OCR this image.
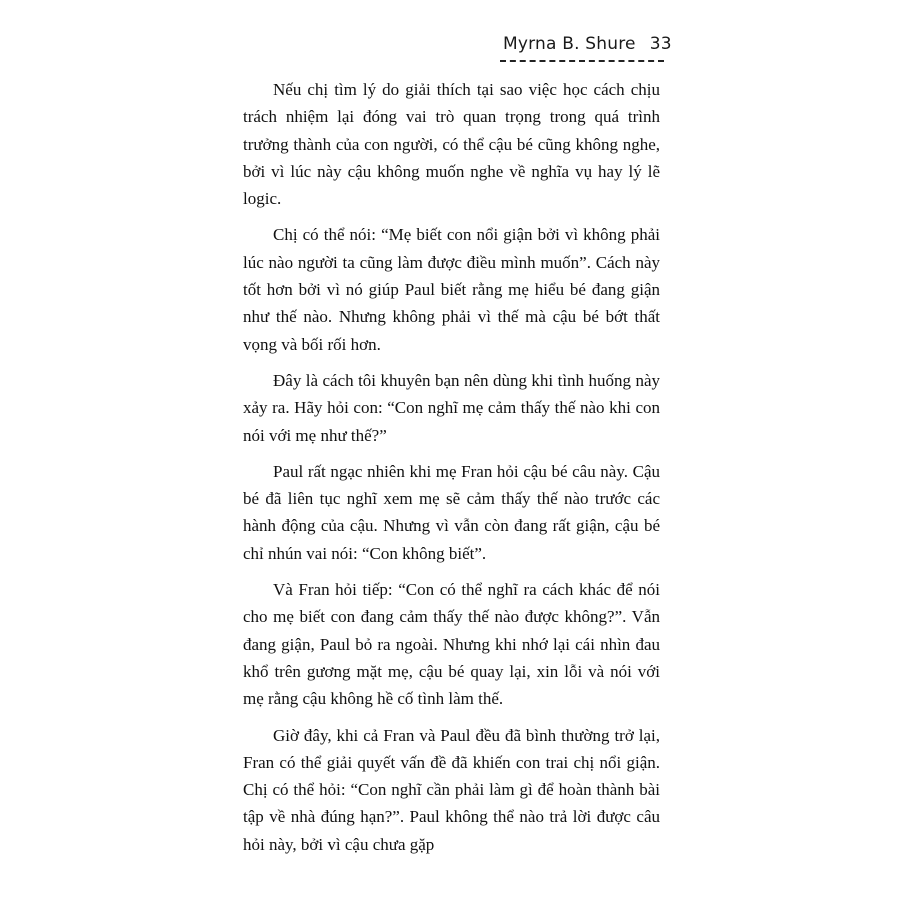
Myrna B. Shure 33

Nếu chị tìm lý do giải thích tại sao việc học cách chịu trách nhiệm lại đóng vai trò quan trọng trong quá trình trưởng thành của con người, có thể cậu bé cũng không nghe, bởi vì lúc này cậu không muốn nghe về nghĩa vụ hay lý lẽ logic.

Chị có thể nói: “Mẹ biết con nổi giận bởi vì không phải lúc nào người ta cũng làm được điều mình muốn”. Cách này tốt hơn bởi vì nó giúp Paul biết rằng mẹ hiểu bé đang giận như thế nào. Nhưng không phải vì thế mà cậu bé bớt thất vọng và bối rối hơn.

Đây là cách tôi khuyên bạn nên dùng khi tình huống này xảy ra. Hãy hỏi con: “Con nghĩ mẹ cảm thấy thế nào khi con nói với mẹ như thế?”

Paul rất ngạc nhiên khi mẹ Fran hỏi cậu bé câu này. Cậu bé đã liên tục nghĩ xem mẹ sẽ cảm thấy thế nào trước các hành động của cậu. Nhưng vì vẫn còn đang rất giận, cậu bé chỉ nhún vai nói: “Con không biết”.

Và Fran hỏi tiếp: “Con có thể nghĩ ra cách khác để nói cho mẹ biết con đang cảm thấy thế nào được không?”. Vẫn đang giận, Paul bỏ ra ngoài. Nhưng khi nhớ lại cái nhìn đau khổ trên gương mặt mẹ, cậu bé quay lại, xin lỗi và nói với mẹ rằng cậu không hề cố tình làm thế.

Giờ đây, khi cả Fran và Paul đều đã bình thường trở lại, Fran có thể giải quyết vấn đề đã khiến con trai chị nổi giận. Chị có thể hỏi: “Con nghĩ cần phải làm gì để hoàn thành bài tập về nhà đúng hạn?”. Paul không thể nào trả lời được câu hỏi này, bởi vì cậu chưa gặp
